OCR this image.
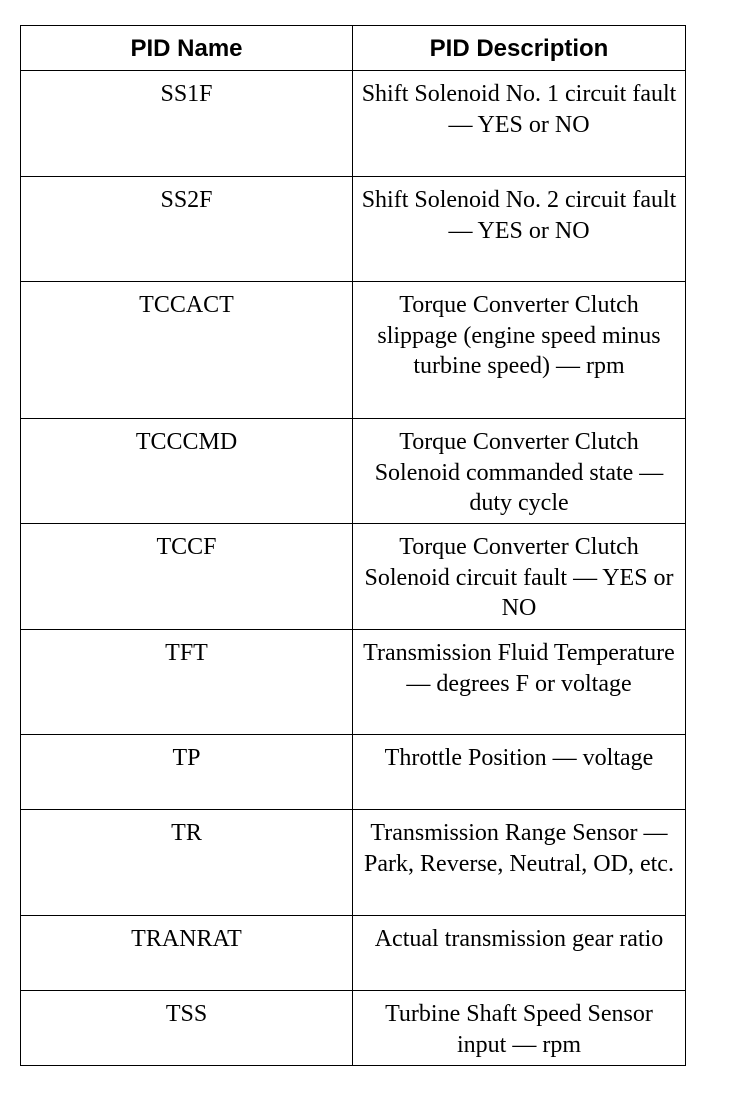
PID Name	PID Description
SS1F	Shift Solenoid No. 1 circuit fault — YES or NO
SS2F	Shift Solenoid No. 2 circuit fault — YES or NO
TCCACT	Torque Converter Clutch slippage (engine speed minus turbine speed) — rpm
TCCCMD	Torque Converter Clutch Solenoid commanded state — duty cycle
TCCF	Torque Converter Clutch Solenoid circuit fault — YES or NO
TFT	Transmission Fluid Temperature — degrees F or voltage
TP	Throttle Position — voltage
TR	Transmission Range Sensor — Park, Reverse, Neutral, OD, etc.
TRANRAT	Actual transmission gear ratio
TSS	Turbine Shaft Speed Sensor input — rpm
